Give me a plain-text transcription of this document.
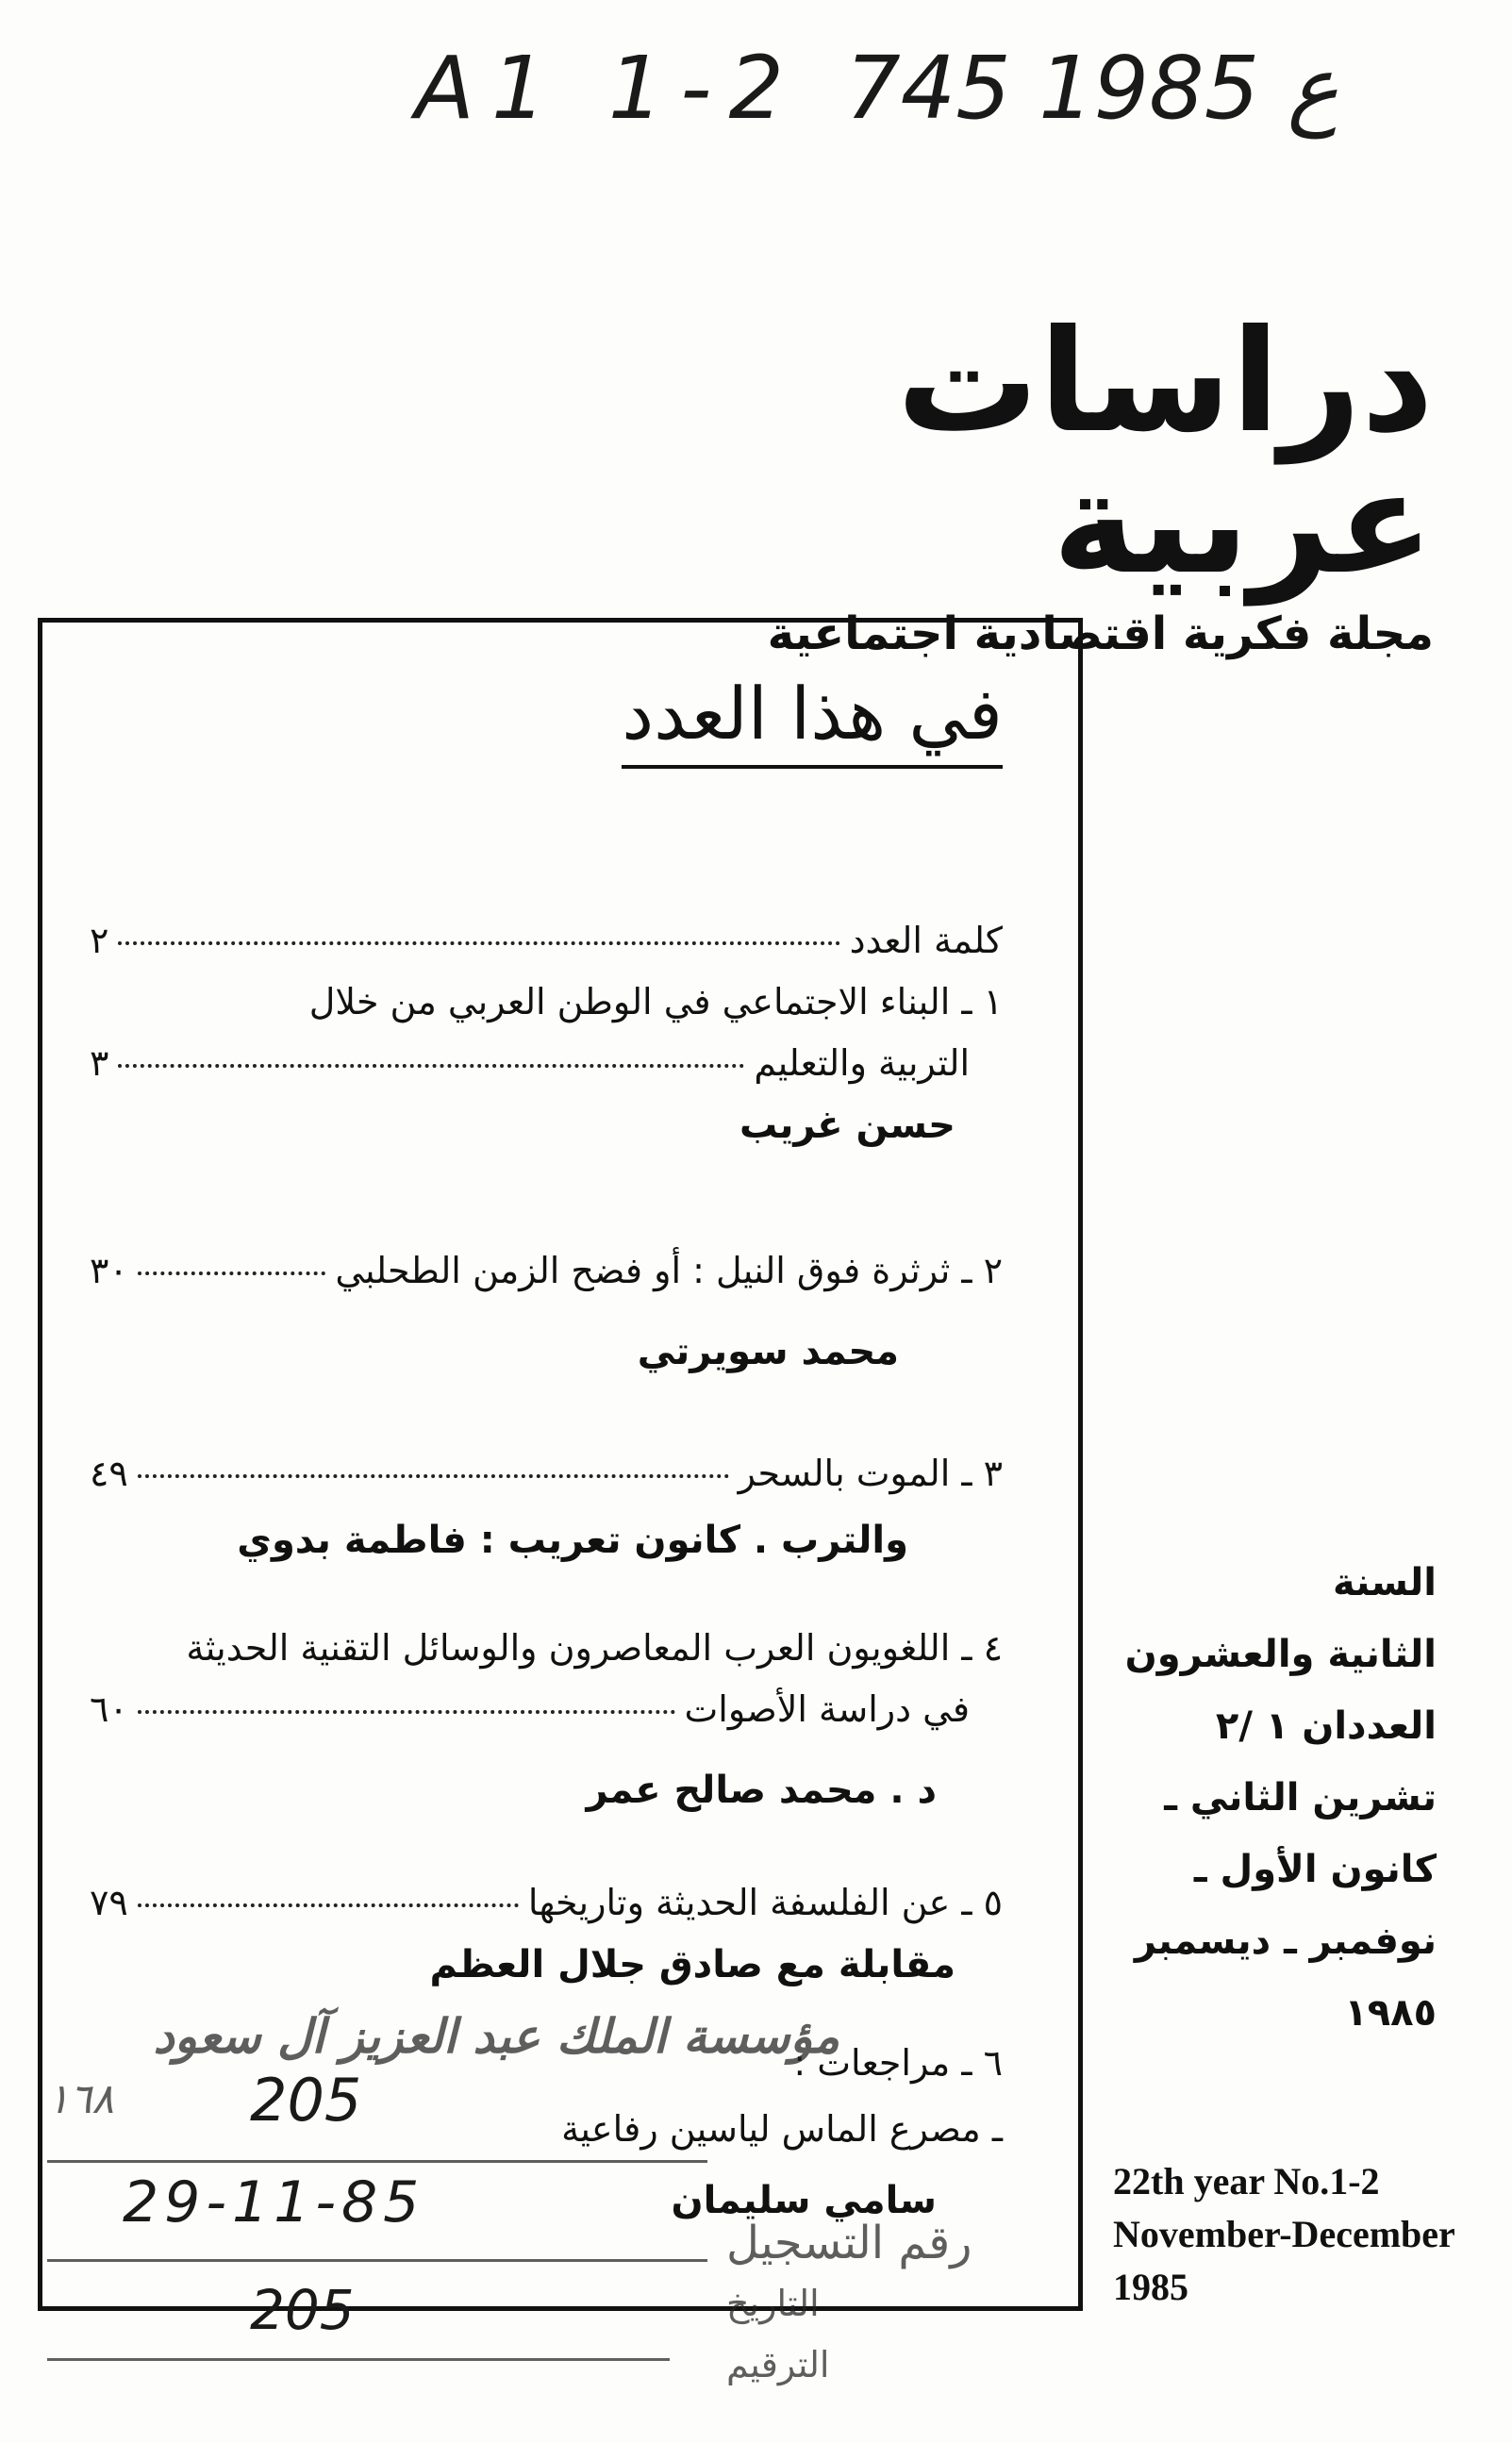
A1 1-2 ع 1985 745
دراسات عربية
مجلة فكرية اقتصادية اجتماعية
في هذا العدد
كلمة العدد
٢
١ ـ البناء الاجتماعي في الوطن العربي من خلال
التربية والتعليم
٣
حسن غريب
٢ ـ ثرثرة فوق النيل : أو فضح الزمن الطحلبي
٣٠
محمد سويرتي
٣ ـ الموت بالسحر
٤٩
والترب . كانون تعريب : فاطمة بدوي
٤ ـ اللغويون العرب المعاصرون والوسائل التقنية الحديثة
في دراسة الأصوات
٦٠
د . محمد صالح عمر
٥ ـ عن الفلسفة الحديثة وتاريخها
٧٩
مقابلة مع صادق جلال العظم
٦ ـ مراجعات :
ـ مصرع الماس لياسين رفاعية
سامي سليمان
السنة
الثانية والعشرون
العددان ١ /٢
تشرين الثاني ـ
كانون الأول ـ
نوفمبر ـ ديسمبر
١٩٨٥
22th year No.1-2
November-December
1985
مؤسسة الملك عبد العزيز آل سعود
١٦٨
رقم التسجيل
التاريخ
الترقيم
205
29-11-85
205
